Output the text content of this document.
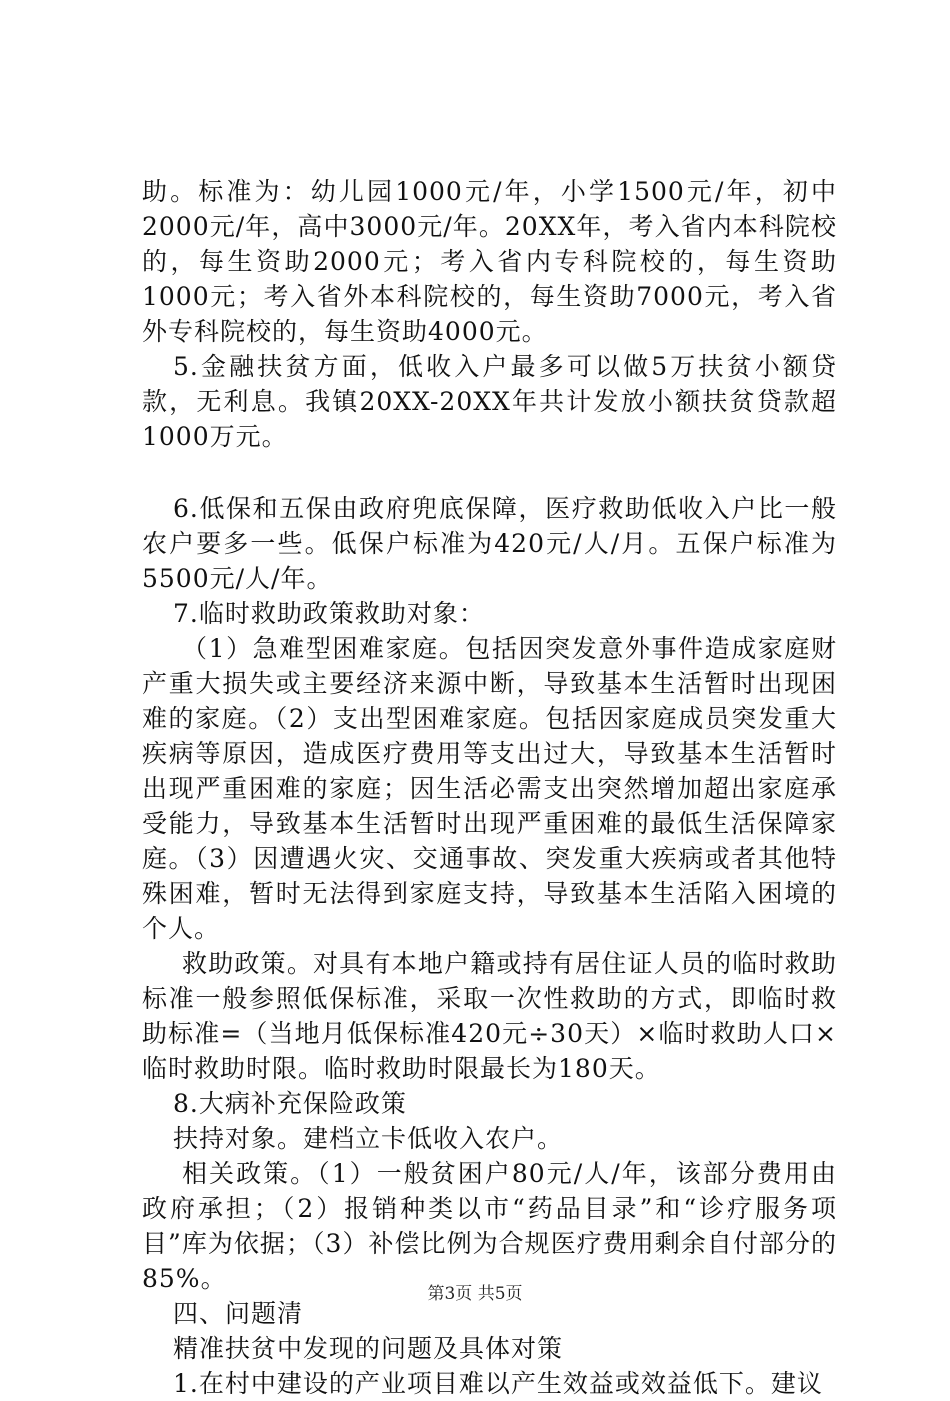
助。标准为：幼儿园1000元/年，小学1500元/年，初中2000元/年，高中3000元/年。20XX年，考入省内本科院校的，每生资助2000元；考入省内专科院校的，每生资助1000元；考入省外本科院校的，每生资助7000元，考入省外专科院校的，每生资助4000元。

5.金融扶贫方面，低收入户最多可以做5万扶贫小额贷款，无利息。我镇20XX-20XX年共计发放小额扶贫贷款超1000万元。

6.低保和五保由政府兜底保障，医疗救助低收入户比一般农户要多一些。低保户标准为420元/人/月。五保户标准为5500元/人/年。

7.临时救助政策救助对象：

（1）急难型困难家庭。包括因突发意外事件造成家庭财产重大损失或主要经济来源中断，导致基本生活暂时出现困难的家庭。（2）支出型困难家庭。包括因家庭成员突发重大疾病等原因，造成医疗费用等支出过大，导致基本生活暂时出现严重困难的家庭；因生活必需支出突然增加超出家庭承受能力，导致基本生活暂时出现严重困难的最低生活保障家庭。（3）因遭遇火灾、交通事故、突发重大疾病或者其他特殊困难，暂时无法得到家庭支持，导致基本生活陷入困境的个人。

救助政策。对具有本地户籍或持有居住证人员的临时救助标准一般参照低保标准，采取一次性救助的方式，即临时救助标准=（当地月低保标准420元÷30天）×临时救助人口×临时救助时限。临时救助时限最长为180天。

8.大病补充保险政策

扶持对象。建档立卡低收入农户。

相关政策。（1）一般贫困户80元/人/年，该部分费用由政府承担；（2）报销种类以市“药品目录”和“诊疗服务项目”库为依据；（3）补偿比例为合规医疗费用剩余自付部分的85%。

四、问题清

精准扶贫中发现的问题及具体对策

1.在村中建设的产业项目难以产生效益或效益低下。建议

第3页 共5页
